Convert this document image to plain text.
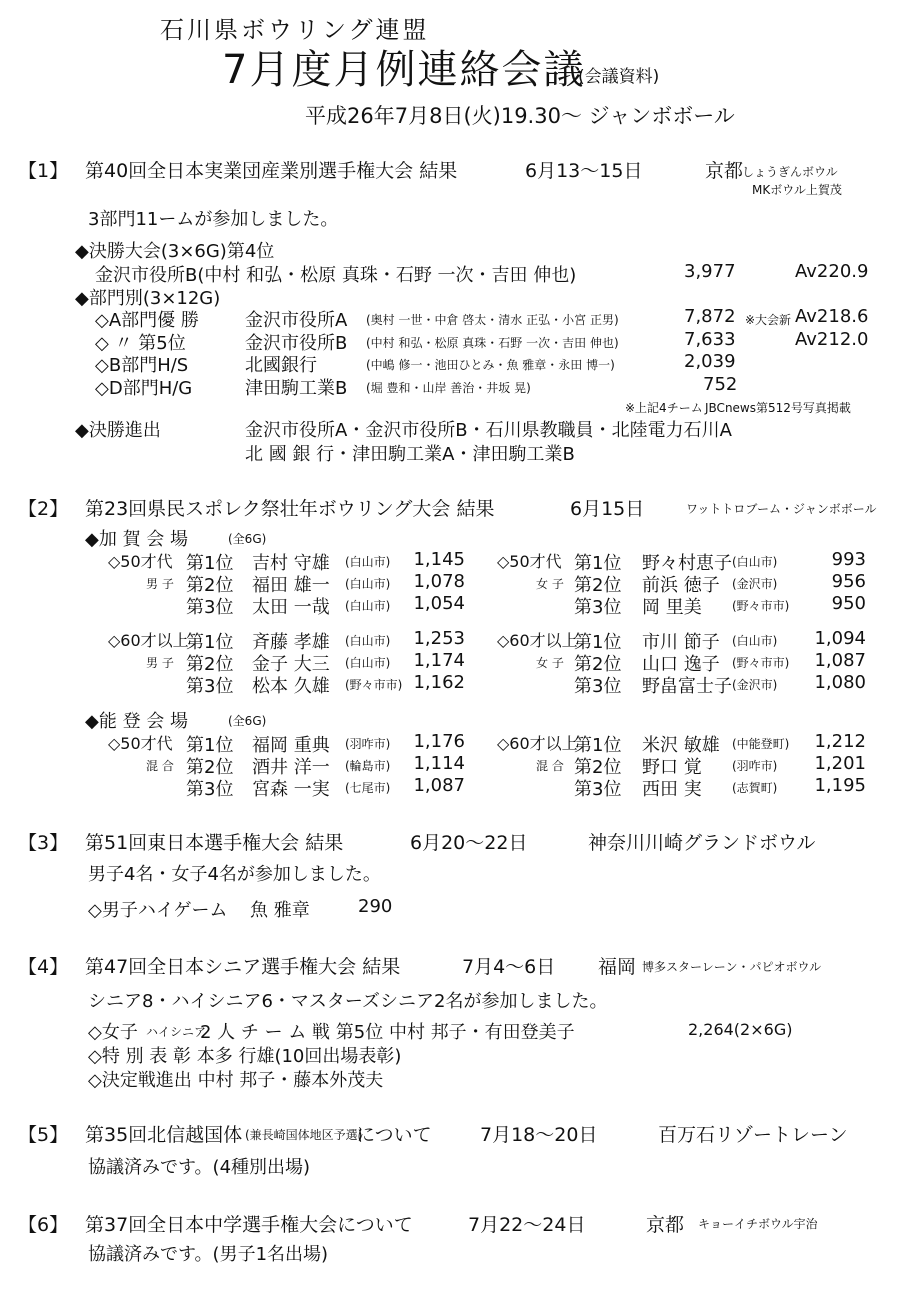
石川県ボウリング連盟
7月度月例連絡会議
(会議資料)
平成26年7月8日(火)19.30～ ジャンボボール
【1】 第40回全日本実業団産業別選手権大会 結果	6月13～15日	京都
しょうぎんボウル
MKボウル上賀茂
3部門11ームが参加しました。
◆決勝大会(3×6G)第4位
金沢市役所B(中村 和弘・松原 真珠・石野 一次・吉田 伸也)	3,977	Av220.9
◆部門別(3×12G)
◇A部門優 勝	金沢市役所A (奥村 一世・中倉 啓太・清水 正弘・小宮 正男)	7,872 ※大会新 Av218.6
◇ 〃 第5位	金沢市役所B (中村 和弘・松原 真珠・石野 一次・吉田 伸也)	7,633	Av212.0
◇B部門H/S	北國銀行	(中嶋 修一・池田ひとみ・魚 雅章・永田 博一)	2,039
◇D部門H/G	津田駒工業B (堀 豊和・山岸 善治・井坂 晃)	752
※上記4チーム JBCnews第512号写真掲載
◆決勝進出	金沢市役所A・金沢市役所B・石川県教職員・北陸電力石川A
北 國 銀 行・津田駒工業A・津田駒工業B
【2】 第23回県民スポレク祭壮年ボウリング大会 結果	6月15日	ワットトロブーム・ジャンボボール
◆加 賀 会 場	(全6G)
◇50才代
男 子
第1位 吉村 守雄 (白山市)	1,145
第2位 福田 雄一 (白山市)	1,078
第3位 太田 一哉 (白山市)	1,054
◇50才代
女 子
第1位 野々村恵子 (白山市)	993
第2位 前浜 徳子 (金沢市)	956
第3位 岡 里美	(野々市市)	950
◇60才以上
男 子
第1位 斉藤 孝雄 (白山市)	1,253
第2位 金子 大三 (白山市)	1,174
第3位 松本 久雄 (野々市市) 1,162
◇60才以上
女 子
第1位 市川 節子 (白山市)	1,094
第2位 山口 逸子 (野々市市)	1,087
第3位 野畠富士子 (金沢市)	1,080
◆能 登 会 場	(全6G)
◇50才代
混 合
第1位 福岡 重典 (羽咋市)	1,176
第2位 酒井 洋一 (輪島市)	1,114
第3位 宮森 一実 (七尾市)	1,087
◇60才以上
混 合
第1位 米沢 敏雄 (中能登町)	1,212
第2位 野口 覚	(羽咋市)	1,201
第3位 西田 実	(志賀町)	1,195
【3】 第51回東日本選手権大会 結果	6月20～22日	神奈川川崎グランドボウル
男子4名・女子4名が参加しました。
◇男子ハイゲーム 魚 雅章	290
【4】 第47回全日本シニア選手権大会 結果	7月4～6日 福岡 博多スターレーン・パピオボウル
シニア8・ハイシニア6・マスターズシニア2名が参加しました。
◇女子 ハイシニア
2 人 チ ー ム 戦 第5位 中村 邦子・有田登美子	2,264(2×6G)
◇特 別 表 彰 本多 行雄(10回出場表彰)
◇決定戦進出 中村 邦子・藤本外茂夫
【5】 第35回北信越国体 (兼長崎国体地区予選)
について	7月18～20日	百万石リゾートレーン
協議済みです。(4種別出場)
【6】 第37回全日本中学選手権大会について	7月22～24日	京都 キョーイチボウル宇治
協議済みです。(男子1名出場)
